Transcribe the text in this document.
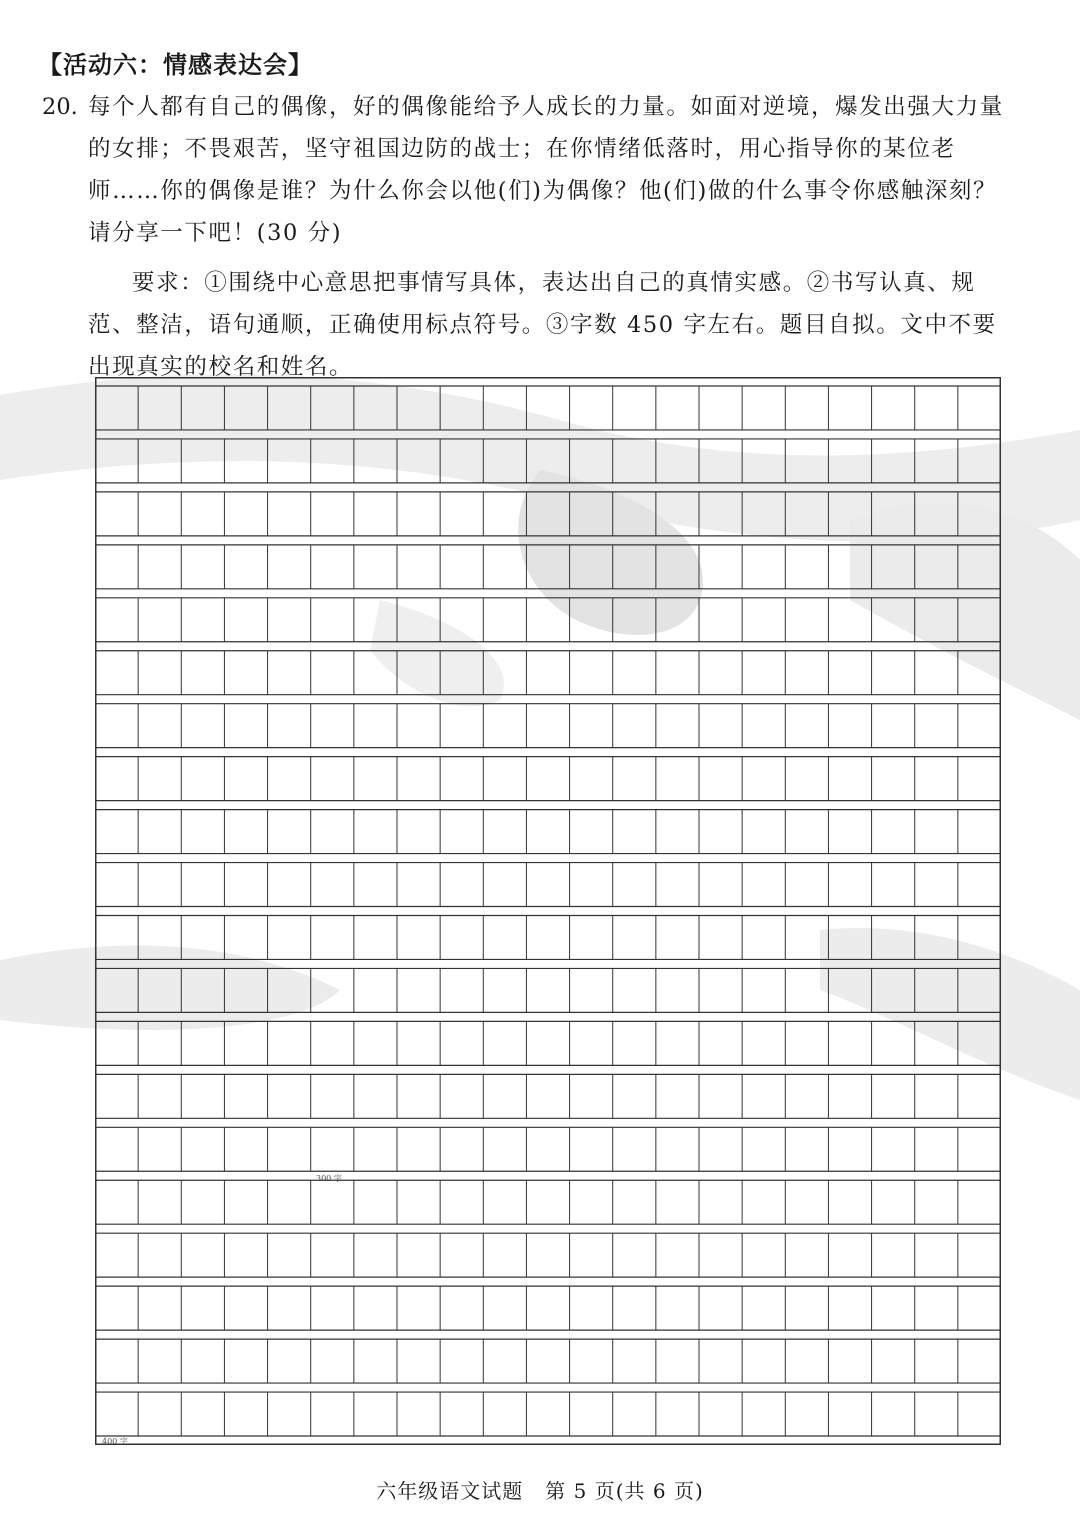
【活动六：情感表达会】
20. 每个人都有自己的偶像，好的偶像能给予人成长的力量。如面对逆境，爆发出强大力量的女排；不畏艰苦，坚守祖国边防的战士；在你情绪低落时，用心指导你的某位老师……你的偶像是谁？为什么你会以他(们)为偶像？他(们)做的什么事令你感触深刻？请分享一下吧！(30 分)
要求：①围绕中心意思把事情写具体，表达出自己的真情实感。②书写认真、规范、整洁，语句通顺，正确使用标点符号。③字数 450 字左右。题目自拟。文中不要出现真实的校名和姓名。
300 字
400 字
六年级语文试题 第 5 页(共 6 页)
